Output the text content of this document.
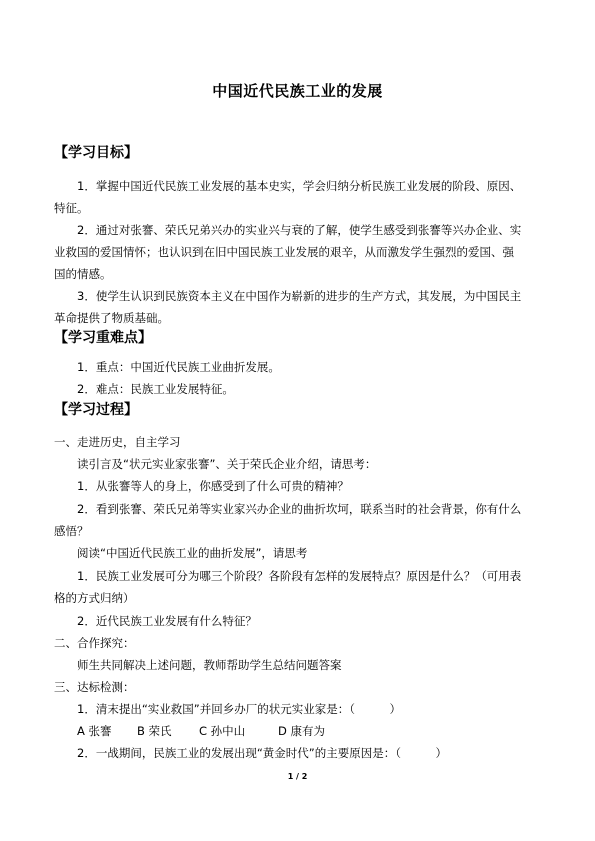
中国近代民族工业的发展
【学习目标】
1．掌握中国近代民族工业发展的基本史实，学会归纳分析民族工业发展的阶段、原因、
特征。
2．通过对张謇、荣氏兄弟兴办的实业兴与衰的了解，使学生感受到张謇等兴办企业、实
业救国的爱国情怀；也认识到在旧中国民族工业发展的艰辛，从而激发学生强烈的爱国、强
国的情感。
3．使学生认识到民族资本主义在中国作为崭新的进步的生产方式，其发展，为中国民主
革命提供了物质基础。
【学习重难点】
1．重点：中国近代民族工业曲折发展。
2．难点：民族工业发展特征。
【学习过程】
一、走进历史，自主学习
读引言及“状元实业家张謇”、关于荣氏企业介绍，请思考：
1．从张謇等人的身上，你感受到了什么可贵的精神？
2．看到张謇、荣氏兄弟等实业家兴办企业的曲折坎坷，联系当时的社会背景，你有什么
感悟？
阅读“中国近代民族工业的曲折发展”，请思考
1．民族工业发展可分为哪三个阶段？各阶段有怎样的发展特点？原因是什么？（可用表
格的方式归纳）
2．近代民族工业发展有什么特征？
二、合作探究：
师生共同解决上述问题，教师帮助学生总结问题答案
三、达标检测：
1．清末提出“实业救国”并回乡办厂的状元实业家是：（　　　）
A 张謇 B 荣氏 C 孙中山	D 康有为
2．一战期间，民族工业的发展出现“黄金时代”的主要原因是：（　　　）
1 / 2
